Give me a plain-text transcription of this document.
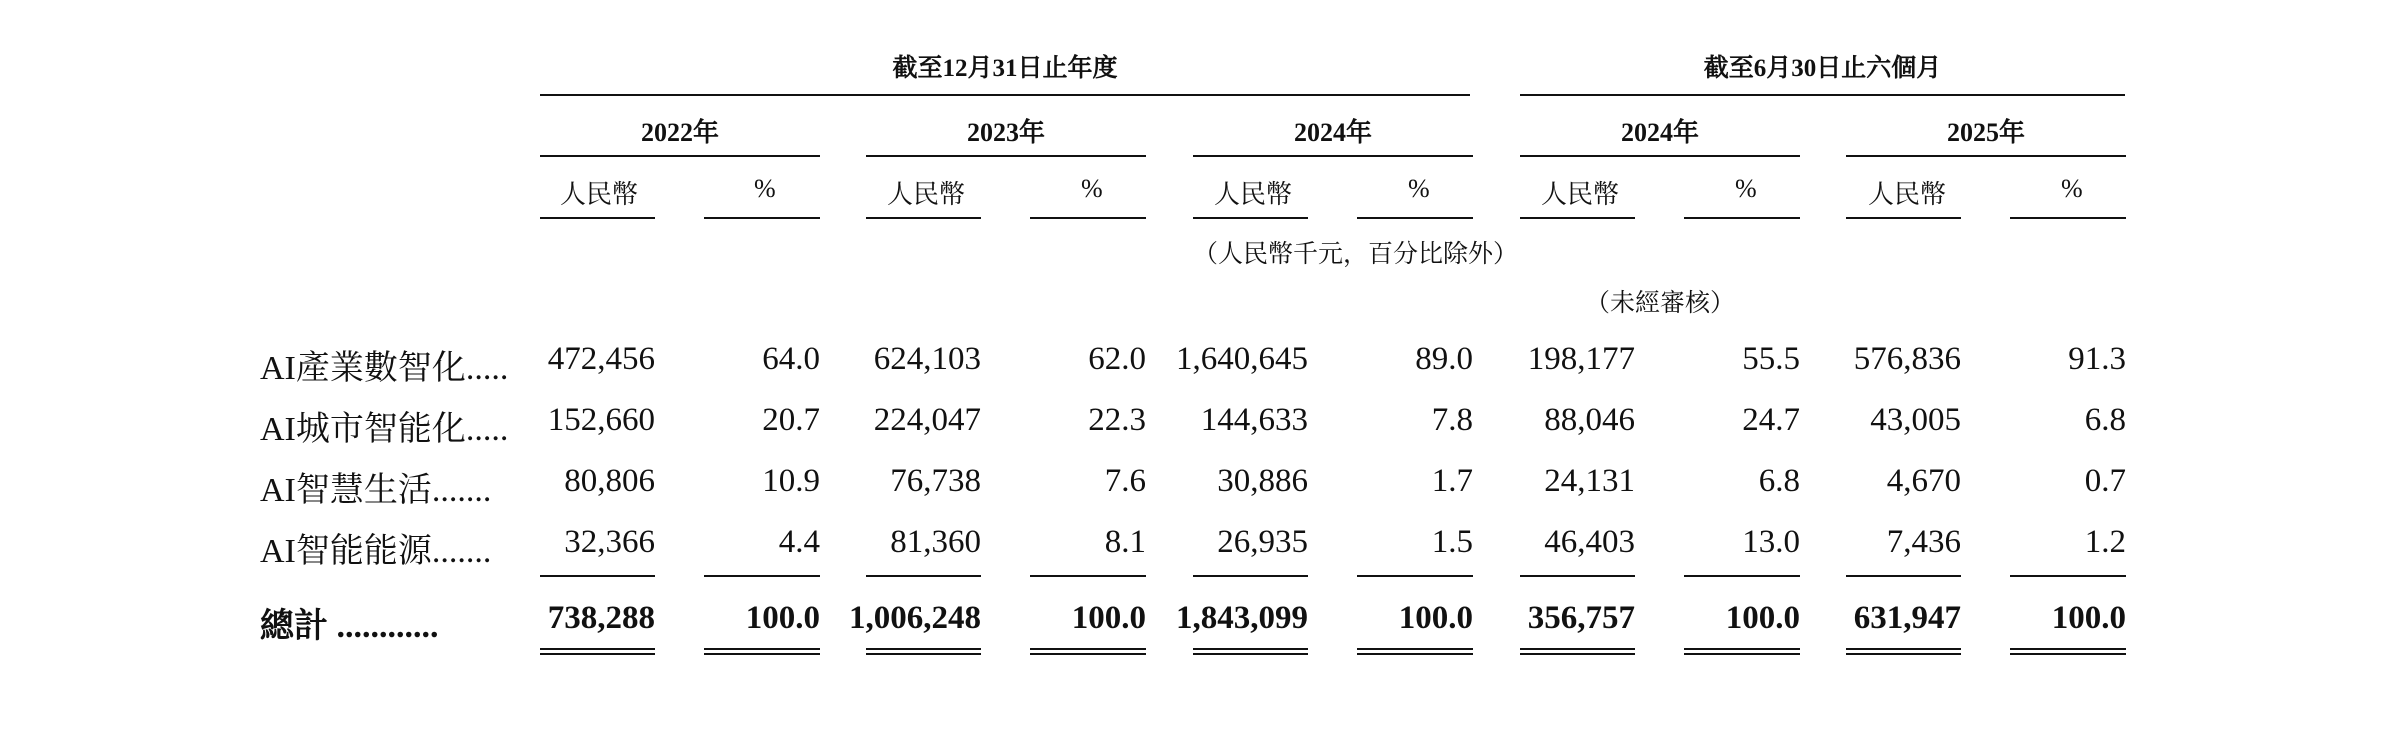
截至12月31日止年度	截至6月30日止六個月
2022年	2023年	2024年	2024年	2025年
人民幣	%	人民幣	%	人民幣	%	人民幣	%	人民幣	%
（人民幣千元，百分比除外）
（未經審核）
AI產業數智化.....	472,456	64.0	624,103	62.0 1,640,645	89.0	198,177	55.5	576,836	91.3
AI城市智能化.....	152,660	20.7	224,047	22.3	144,633	7.8	88,046	24.7	43,005	6.8
AI智慧生活.......	80,806	10.9	76,738	7.6	30,886	1.7	24,131	6.8	4,670	0.7
AI智能能源.......	32,366	4.4	81,360	8.1	26,935	1.5	46,403	13.0	7,436	1.2
總計 ............	738,288	100.0 1,006,248	100.0 1,843,099	100.0	356,757	100.0	631,947	100.0
